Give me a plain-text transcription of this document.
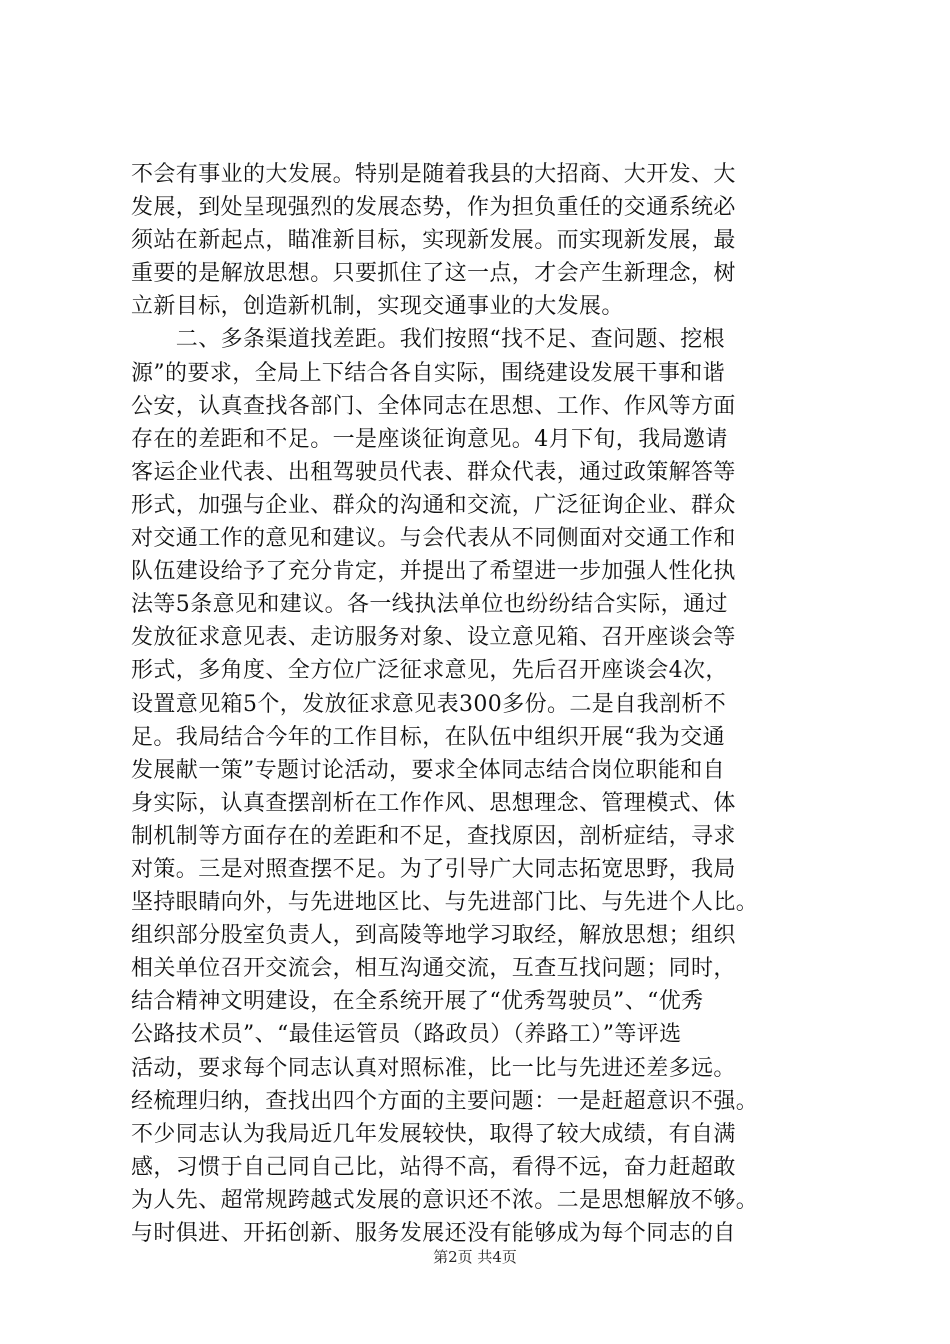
不会有事业的大发展。特别是随着我县的大招商、大开发、大
发展，到处呈现强烈的发展态势，作为担负重任的交通系统必
须站在新起点，瞄准新目标，实现新发展。而实现新发展，最
重要的是解放思想。只要抓住了这一点，才会产生新理念，树
立新目标，创造新机制，实现交通事业的大发展。
　　二、多条渠道找差距。我们按照“找不足、查问题、挖根
源”的要求，全局上下结合各自实际，围绕建设发展干事和谐
公安，认真查找各部门、全体同志在思想、工作、作风等方面
存在的差距和不足。一是座谈征询意见。4月下旬，我局邀请
客运企业代表、出租驾驶员代表、群众代表，通过政策解答等
形式，加强与企业、群众的沟通和交流，广泛征询企业、群众
对交通工作的意见和建议。与会代表从不同侧面对交通工作和
队伍建设给予了充分肯定，并提出了希望进一步加强人性化执
法等5条意见和建议。各一线执法单位也纷纷结合实际，通过
发放征求意见表、走访服务对象、设立意见箱、召开座谈会等
形式，多角度、全方位广泛征求意见，先后召开座谈会4次，
设置意见箱5个，发放征求意见表300多份。二是自我剖析不
足。我局结合今年的工作目标，在队伍中组织开展“我为交通
发展献一策”专题讨论活动，要求全体同志结合岗位职能和自
身实际，认真查摆剖析在工作作风、思想理念、管理模式、体
制机制等方面存在的差距和不足，查找原因，剖析症结，寻求
对策。三是对照查摆不足。为了引导广大同志拓宽思野，我局
坚持眼睛向外，与先进地区比、与先进部门比、与先进个人比。
组织部分股室负责人，到高陵等地学习取经，解放思想；组织
相关单位召开交流会，相互沟通交流，互查互找问题；同时，
结合精神文明建设，在全系统开展了“优秀驾驶员”、“优秀
公路技术员”、“最佳运管员（路政员）（养路工）”等评选
活动，要求每个同志认真对照标准，比一比与先进还差多远。
经梳理归纳，查找出四个方面的主要问题：一是赶超意识不强。
不少同志认为我局近几年发展较快，取得了较大成绩，有自满
感，习惯于自己同自己比，站得不高，看得不远，奋力赶超敢
为人先、超常规跨越式发展的意识还不浓。二是思想解放不够。
与时俱进、开拓创新、服务发展还没有能够成为每个同志的自
第2页 共4页
